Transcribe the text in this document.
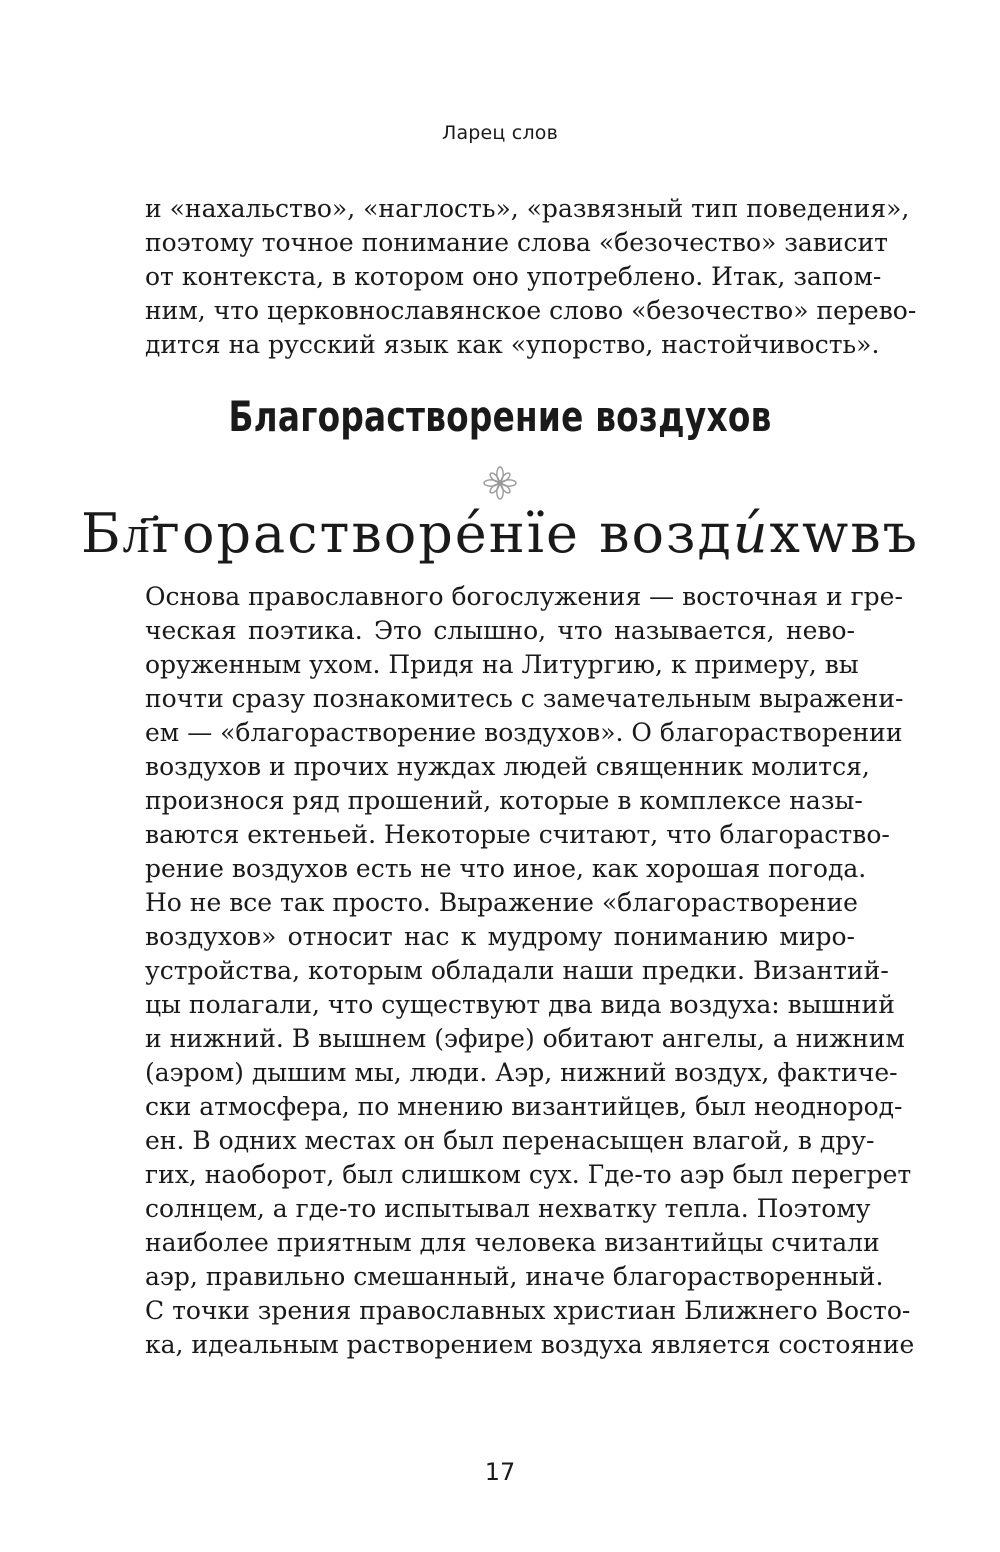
Ларец слов
и «нахальство», «наглость», «развязный тип поведения»,
поэтому точное понимание слова «безочество» зависит
от контекста, в котором оно употреблено. Итак, запом-
ним, что церковнославянское слово «безочество» перево-
дится на русский язык как «упорство, настойчивость».
Благорастворение воздухов
Бл҃горастворе́нїе возд𝑢́хwвъ
Основа православного богослужения — восточная и гре-
ческая поэтика. Это слышно, что называется, нево-
оруженным ухом. Придя на Литургию, к примеру, вы
почти сразу познакомитесь с замечательным выражени-
ем — «благорастворение воздухов». О благорастворении
воздухов и прочих нуждах людей священник молится,
произнося ряд прошений, которые в комплексе назы-
ваются ектеньей. Некоторые считают, что благораство-
рение воздухов есть не что иное, как хорошая погода.
Но не все так просто. Выражение «благорастворение
воздухов» относит нас к мудрому пониманию миро-
устройства, которым обладали наши предки. Византий-
цы полагали, что существуют два вида воздуха: вышний
и нижний. В вышнем (эфире) обитают ангелы, а нижним
(аэром) дышим мы, люди. Аэр, нижний воздух, фактиче-
ски атмосфера, по мнению византийцев, был неоднород-
ен. В одних местах он был перенасыщен влагой, в дру-
гих, наоборот, был слишком сух. Где-то аэр был перегрет
солнцем, а где-то испытывал нехватку тепла. Поэтому
наиболее приятным для человека византийцы считали
аэр, правильно смешанный, иначе благорастворенный.
С точки зрения православных христиан Ближнего Восто-
ка, идеальным растворением воздуха является состояние
17
